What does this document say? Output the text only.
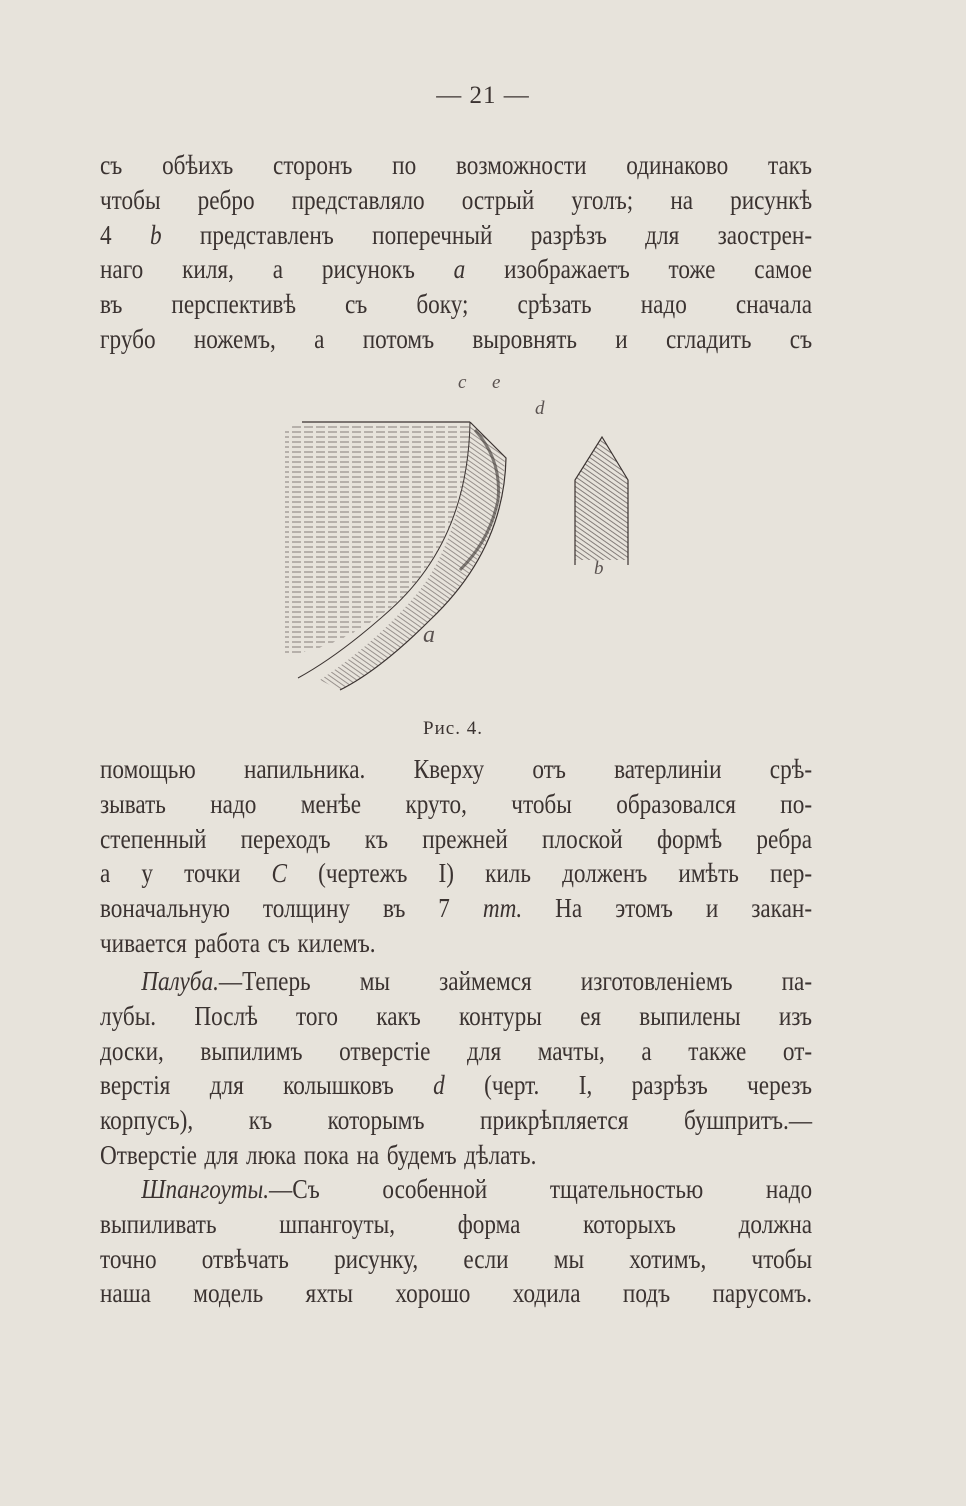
— 21 —
съ обѣихъ сторонъ по возможности одинаково такъ
чтобы ребро представляло острый уголъ; на рисункѣ
4 b представленъ поперечный разрѣзъ для заострен-
наго киля, а рисунокъ a изображаетъ тоже самое
въ перспективѣ съ боку; срѣзать надо сначала
грубо ножемъ, а потомъ выровнять и сгладить съ
c e
d
a
b
Рис. 4.
помощью напильника. Кверху отъ ватерлиніи срѣ-
зывать надо менѣе круто, чтобы образовался по-
степенный переходъ къ прежней плоской формѣ ребра
а у точки C (чертежъ I) киль долженъ имѣть пер-
воначальную толщину въ 7 mm. На этомъ и закан-
чивается работа съ килемъ.
Палуба.—Теперь мы займемся изготовленіемъ па-
лубы. Послѣ того какъ контуры ея выпилены изъ
доски, выпилимъ отверстіе для мачты, а также от-
верстія для колышковъ d (черт. I, разрѣзъ черезъ
корпусъ), къ которымъ прикрѣпляется бушпритъ.—
Отверстіе для люка пока на будемъ дѣлать.
Шпангоуты.—Съ особенной тщательностью надо
выпиливать шпангоуты, форма которыхъ должна
точно отвѣчать рисунку, если мы хотимъ, чтобы
наша модель яхты хорошо ходила подъ парусомъ.
